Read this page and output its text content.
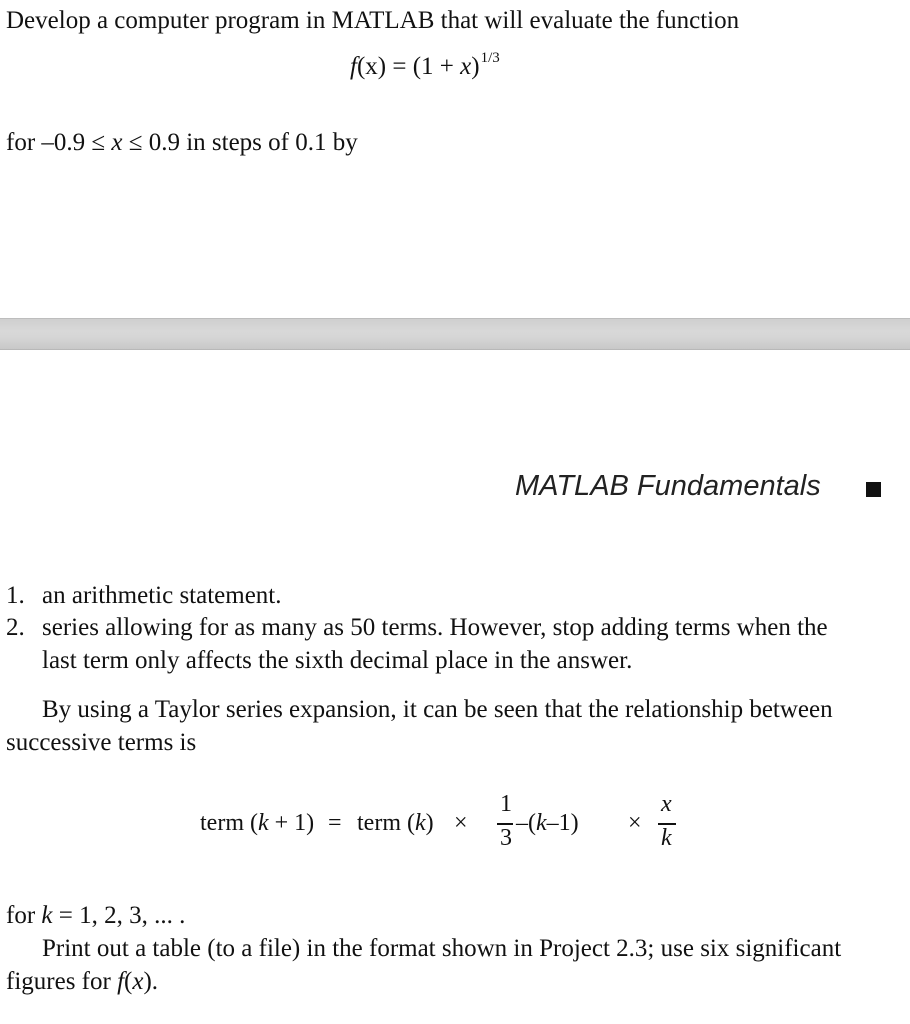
Develop a computer program in MATLAB that will evaluate the function
$f(x) = (1 + x)^{1/3}$
for –0.9 ≤ x ≤ 0.9 in steps of 0.1 by
MATLAB Fundamentals
1. an arithmetic statement.
2. series allowing for as many as 50 terms. However, stop adding terms when the
last term only affects the sixth decimal place in the answer.
By using a Taylor series expansion, it can be seen that the relationship between
successive terms is
term (k + 1) = term (k) ×
1
3
–(k–1) ×
x
k
for k = 1, 2, 3, ... .
Print out a table (to a file) in the format shown in Project 2.3; use six significant
figures for f(x).
